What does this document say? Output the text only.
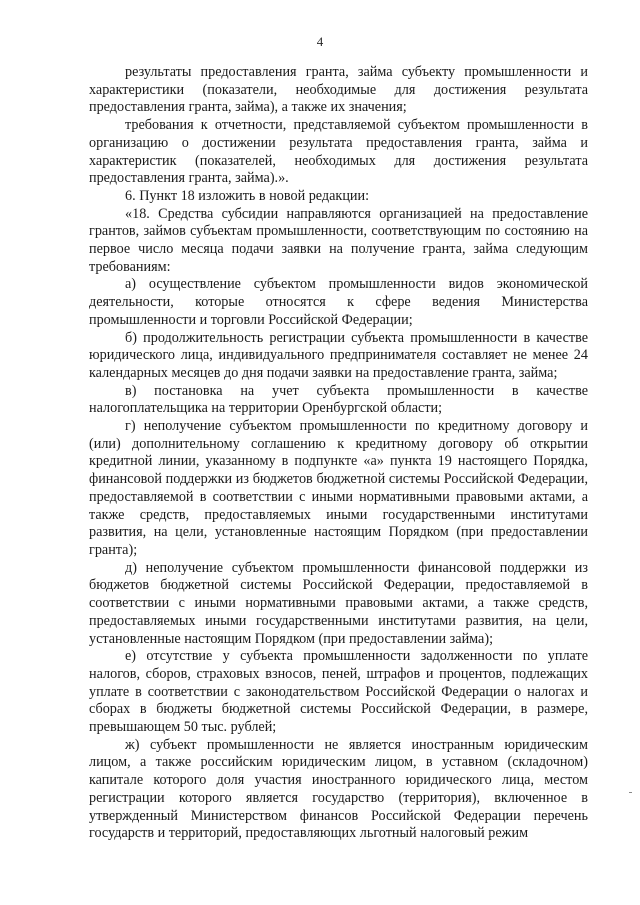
4

результаты предоставления гранта, займа субъекту промышленности и характеристики (показатели, необходимые для достижения результата предоставления гранта, займа), а также их значения;

требования к отчетности, представляемой субъектом промышленности в организацию о достижении результата предоставления гранта, займа и характеристик (показателей, необходимых для достижения результата предоставления гранта, займа).».

6. Пункт 18 изложить в новой редакции:

«18. Средства субсидии направляются организацией на предоставление грантов, займов субъектам промышленности, соответствующим по состоянию на первое число месяца подачи заявки на получение гранта, займа следующим требованиям:

а) осуществление субъектом промышленности видов экономической деятельности, которые относятся к сфере ведения Министерства промышленности и торговли Российской Федерации;

б) продолжительность регистрации субъекта промышленности в качестве юридического лица, индивидуального предпринимателя составляет не менее 24 календарных месяцев до дня подачи заявки на предоставление гранта, займа;

в) постановка на учет субъекта промышленности в качестве налогоплательщика на территории Оренбургской области;

г) неполучение субъектом промышленности по кредитному договору и (или) дополнительному соглашению к кредитному договору об открытии кредитной линии, указанному в подпункте «а» пункта 19 настоящего Порядка, финансовой поддержки из бюджетов бюджетной системы Российской Федерации, предоставляемой в соответствии с иными нормативными правовыми актами, а также средств, предоставляемых иными государственными институтами развития, на цели, установленные настоящим Порядком (при предоставлении гранта);

д) неполучение субъектом промышленности финансовой поддержки из бюджетов бюджетной системы Российской Федерации, предоставляемой в соответствии с иными нормативными правовыми актами, а также средств, предоставляемых иными государственными институтами развития, на цели, установленные настоящим Порядком (при предоставлении займа);

е) отсутствие у субъекта промышленности задолженности по уплате налогов, сборов, страховых взносов, пеней, штрафов и процентов, подлежащих уплате в соответствии с законодательством Российской Федерации о налогах и сборах в бюджеты бюджетной системы Российской Федерации, в размере, превышающем 50 тыс. рублей;

ж) субъект промышленности не является иностранным юридическим лицом, а также российским юридическим лицом, в уставном (складочном) капитале которого доля участия иностранного юридического лица, местом регистрации которого является государство (территория), включенное в утвержденный Министерством финансов Российской Федерации перечень государств и территорий, предоставляющих льготный налоговый режим
